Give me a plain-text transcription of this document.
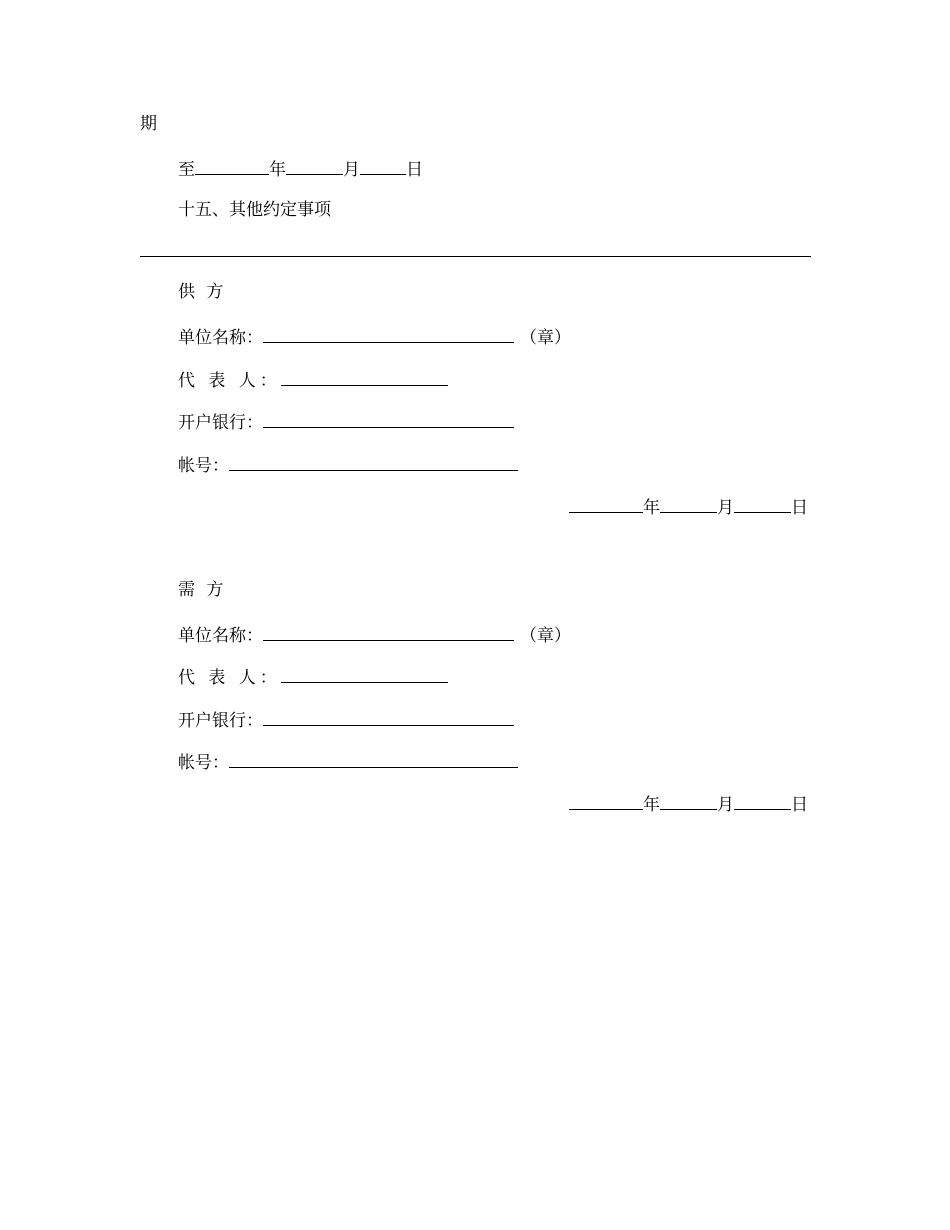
期
至	年	月	日
十五、其他约定事项
供 方
单位名称：	（章）
代 表 人：
开户银行：
帐号：
年	月	日
需 方
单位名称：	（章）
代 表 人：
开户银行：
帐号：
年	月	日
